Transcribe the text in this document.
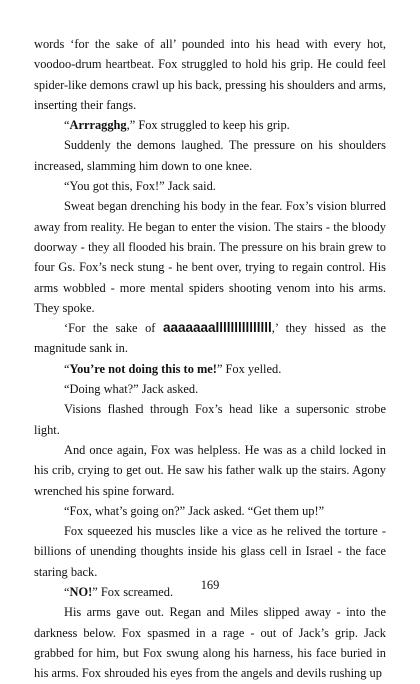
words ‘for the sake of all’ pounded into his head with every hot, voodoo-drum heartbeat. Fox struggled to hold his grip. He could feel spider-like demons crawl up his back, pressing his shoulders and arms, inserting their fangs.

“Arrragghg,” Fox struggled to keep his grip.

Suddenly the demons laughed. The pressure on his shoulders increased, slamming him down to one knee.

“You got this, Fox!” Jack said.

Sweat began drenching his body in the fear. Fox’s vision blurred away from reality. He began to enter the vision. The stairs - the bloody doorway - they all flooded his brain. The pressure on his brain grew to four Gs. Fox’s neck stung - he bent over, trying to regain control. His arms wobbled - more mental spiders shooting venom into his arms. They spoke.

‘For the sake of aaaaaaalllllllllllllll,’ they hissed as the magnitude sank in.

“You’re not doing this to me!” Fox yelled.

“Doing what?” Jack asked.

Visions flashed through Fox’s head like a supersonic strobe light.

And once again, Fox was helpless. He was as a child locked in his crib, crying to get out. He saw his father walk up the stairs. Agony wrenched his spine forward.

“Fox, what’s going on?” Jack asked. “Get them up!”

Fox squeezed his muscles like a vice as he relived the torture - billions of unending thoughts inside his glass cell in Israel - the face staring back.

“NO!” Fox screamed.

His arms gave out. Regan and Miles slipped away - into the darkness below. Fox spasmed in a rage - out of Jack’s grip. Jack grabbed for him, but Fox swung along his harness, his face buried in his arms. Fox shrouded his eyes from the angels and devils rushing up

169
